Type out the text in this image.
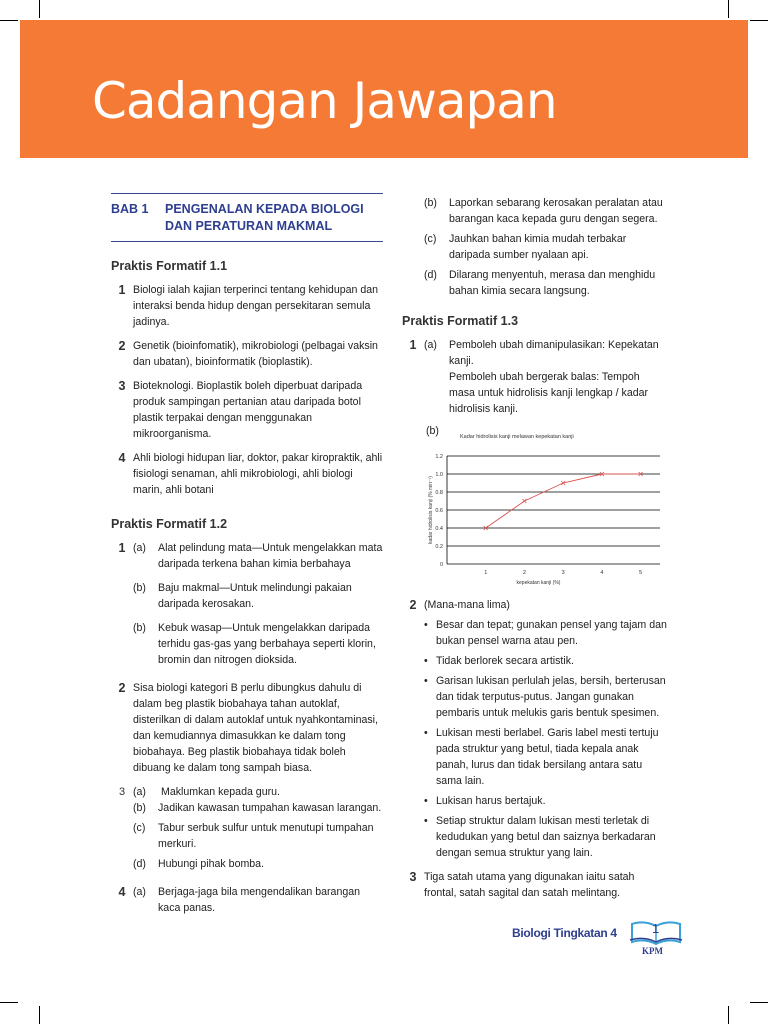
Cadangan Jawapan
BAB 1	PENGENALAN KEPADA BIOLOGI DAN PERATURAN MAKMAL
Praktis Formatif 1.1
1 Biologi ialah kajian terperinci tentang kehidupan dan interaksi benda hidup dengan persekitaran semula jadinya.
2 Genetik (bioinfomatik), mikrobiologi (pelbagai vaksin dan ubatan), bioinformatik (bioplastik).
3 Bioteknologi. Bioplastik boleh diperbuat daripada produk sampingan pertanian atau daripada botol plastik terpakai dengan menggunakan mikroorganisma.
4 Ahli biologi hidupan liar, doktor, pakar kiropraktik, ahli fisiologi senaman, ahli mikrobiologi, ahli biologi marin, ahli botani
Praktis Formatif 1.2
1 (a)	Alat pelindung mata—Untuk mengelakkan mata daripada terkena bahan kimia berbahaya
(b)	Baju makmal—Untuk melindungi pakaian daripada kerosakan.
(b)	Kebuk wasap—Untuk mengelakkan daripada terhidu gas-gas yang berbahaya seperti klorin, bromin dan nitrogen dioksida.
2 Sisa biologi kategori B perlu dibungkus dahulu di dalam beg plastik biobahaya tahan autoklaf, disterilkan di dalam autoklaf untuk nyahkontaminasi, dan kemudiannya dimasukkan ke dalam tong biobahaya. Beg plastik biobahaya tidak boleh dibuang ke dalam tong sampah biasa.
3 (a)	Maklumkan kepada guru.
(b)	Jadikan kawasan tumpahan kawasan larangan.
(c)	Tabur serbuk sulfur untuk menutupi tumpahan merkuri.
(d)	Hubungi pihak bomba.
4 (a)	Berjaga-jaga bila mengendalikan barangan kaca panas.
(b)	Laporkan sebarang kerosakan peralatan atau barangan kaca kepada guru dengan segera.
(c)	Jauhkan bahan kimia mudah terbakar daripada sumber nyalaan api.
(d)	Dilarang menyentuh, merasa dan menghidu bahan kimia secara langsung.
Praktis Formatif 1.3
1 (a)	Pemboleh ubah dimanipulasikan: Kepekatan kanji.
Pemboleh ubah bergerak balas: Tempoh masa untuk hidrolisis kanji lengkap / kadar hidrolisis kanji.
(b)	Kadar hidrolisis kanji melawan kepekatan kanji
0
0.2
0.4
0.6
0.8
1.0
1.2
1	2	3	4	5
kepekatan kanji (%)
kadar hidrolisis kanji (% min⁻¹)
2 (Mana-mana lima)
• Besar dan tepat; gunakan pensel yang tajam dan bukan pensel warna atau pen.
• Tidak berlorek secara artistik.
• Garisan lukisan perlulah jelas, bersih, berterusan dan tidak terputus-putus. Jangan gunakan pembaris untuk melukis garis bentuk spesimen.
• Lukisan mesti berlabel. Garis label mesti tertuju pada struktur yang betul, tiada kepala anak panah, lurus dan tidak bersilang antara satu sama lain.
• Lukisan harus bertajuk.
• Setiap struktur dalam lukisan mesti terletak di kedudukan yang betul dan saiznya berkadaran dengan semua struktur yang lain.
3 Tiga satah utama yang digunakan iaitu satah frontal, satah sagital dan satah melintang.
Biologi Tingkatan 4	1
KPM
